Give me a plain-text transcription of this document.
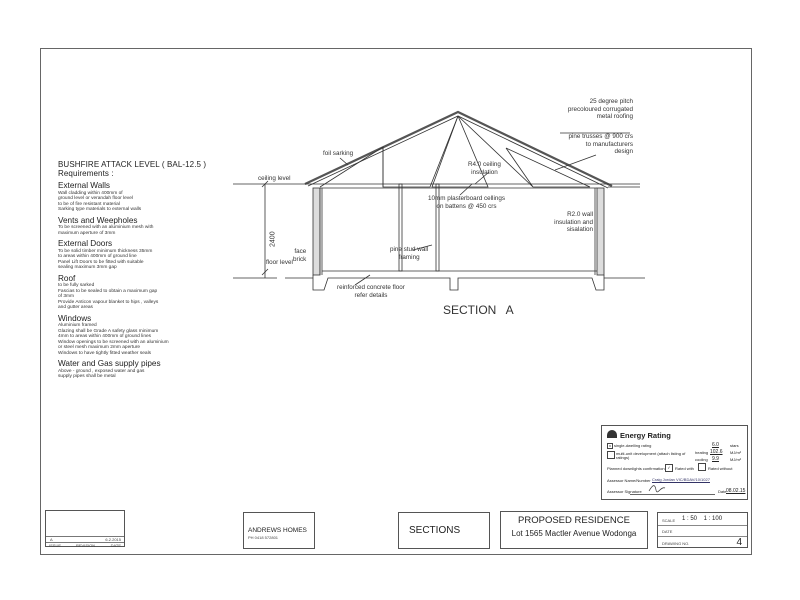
BUSHFIRE ATTACK LEVEL ( BAL-12.5 )
Requirements :
External Walls
Wall cladding within 400mm of
ground level or verandah floor level
to be of fire resistant material
Sarking type materials to external walls
Vents and Weepholes
To be screened with an aluminium mesh with
maximum aperture of 3mm
External Doors
To be solid timber minimum thickness 35mm
to areas within 400mm of ground line
Panel Lift Doors to be fitted with suitable
sealing maximum 3mm gap
Roof
to be fully sarked
Fascias to be sealed to obtain a maximum gap
of 3mm
Provide Anticon vapour blanket to hips , valleys
and gutter areas
Windows
Aluminium framed
Glazing shall be Grade A safety glass minimum
4mm to areas within 400mm of ground lines
Window openings to be screened with an aluminium
or steel mesh maximum 2mm aperture
Windows to have tightly fitted weather seals
Water and Gas supply pipes
Above - ground , exposed water and gas
supply pipes shall be metal
25 degree pitch
precoloured corrugated
metal roofing
pine trusses @ 900 crs
to manufacturers
design
foil sarking
R4.0 ceiling
insulation
10mm plasterboard cellings
on battens @ 450 crs
R2.0 wall
insulation and
sisalation
ceiling level
floor level
2400
face
brick
pine stud wall
framing
reinforced concrete floor
refer details
SECTION   A
Energy Rating
x single-dwelling rating	6.0	stars
multi-unit development (attach listing of ratings)
heating 102.6 MJ/m²
cooling 9.9	MJ/m²
Planned downlights confirmation ✓	Rated with	Rated without
Assessor Name/Number Craig Jordan VIC/BDAV/10/1027
Assessor Signature	Date 08.02.15
A	6.2.2015
ISSUE	REVISION	DATE
ANDREWS HOMES
PH 0418 572801
SECTIONS
PROPOSED RESIDENCE
Lot 1565 Mactler Avenue Wodonga
SCALE 1 : 50    1 : 100
DATE
DRAWING NO.	4
